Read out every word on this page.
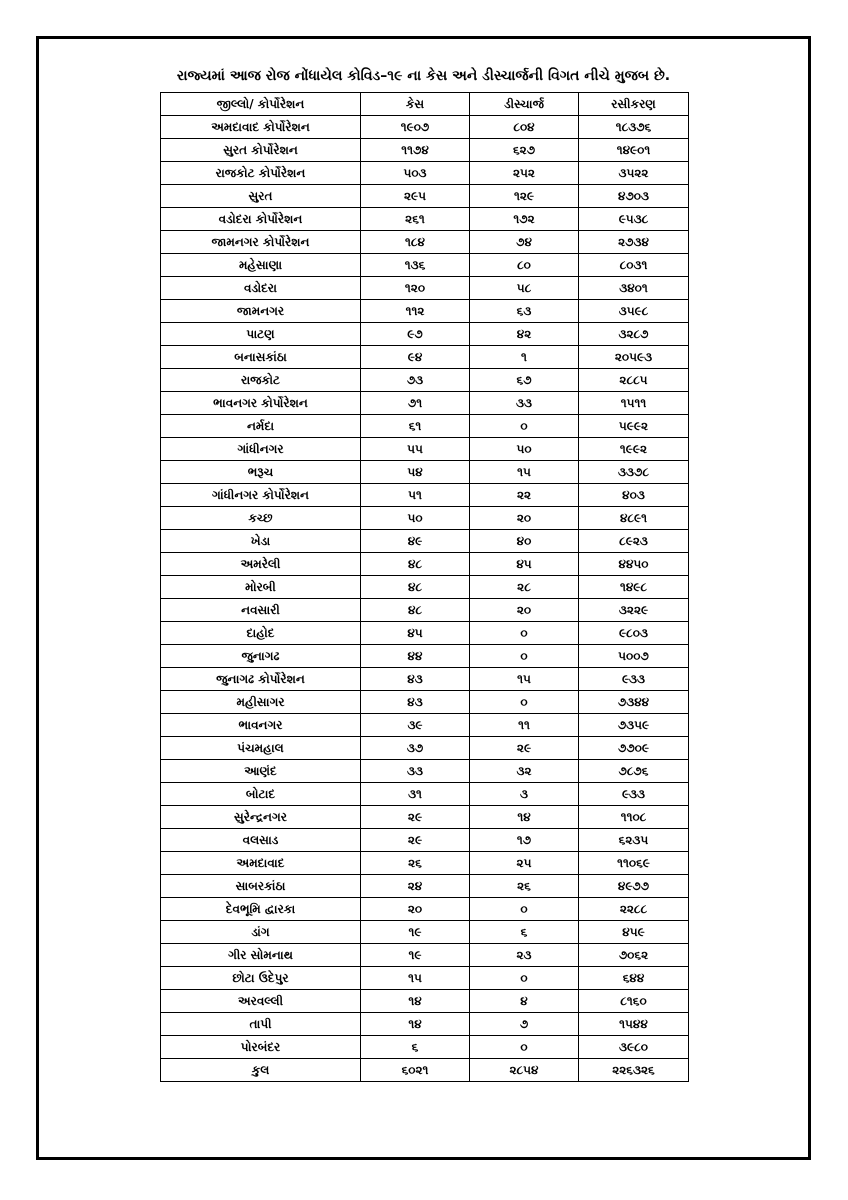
રાજ્યમાં આજ રોજ નોંધાયેલ કોવિડ–૧૯ ના કેસ અને ડીસ્ચાર્જની વિગત નીચે મુજબ છે.
જીલ્લો/ કોર્પોરેશન	કેસ	ડીસ્ચાર્જ	રસીકરણ
અમદાવાદ કોર્પોરેશન	૧૯૦૭	૮૦૪	૧૮૩૭૬
સુરત કોર્પોરેશન	૧૧૭૪	૬૨૭	૧૪૯૦૧
રાજકોટ કોર્પોરેશન	૫૦૩	૨૫૨	૩૫૨૨
સુરત	૨૯૫	૧૨૯	૪૭૦૩
વડોદરા કોર્પોરેશન	૨૬૧	૧૭૨	૯૫૩૮
જામનગર કોર્પોરેશન	૧૮૪	૭૪	૨૭૩૪
મહેસાણા	૧૩૬	૮૦	૮૦૩૧
વડોદરા	૧૨૦	૫૮	૩૪૦૧
જામનગર	૧૧૨	૬૩	૩૫૯૮
પાટણ	૯૭	૪૨	૩૨૮૭
બનાસકાંઠા	૯૪	૧	૨૦૫૯૩
રાજકોટ	૭૩	૬૭	૨૮૮૫
ભાવનગર કોર્પોરેશન	૭૧	૩૩	૧૫૧૧
નર્મદા	૬૧	૦	૫૯૯૨
ગાંધીનગર	૫૫	૫૦	૧૯૯૨
ભરૂચ	૫૪	૧૫	૩૩૭૮
ગાંધીનગર કોર્પોરેશન	૫૧	૨૨	૪૦૩
કચ્છ	૫૦	૨૦	૪૮૯૧
ખેડા	૪૯	૪૦	૮૯૨૩
અમરેલી	૪૮	૪૫	૪૪૫૦
મોરબી	૪૮	૨૮	૧૪૯૮
નવસારી	૪૮	૨૦	૩૨૨૯
દાહોદ	૪૫	૦	૯૮૦૩
જુનાગઢ	૪૪	૦	૫૦૦૭
જુનાગઢ કોર્પોરેશન	૪૩	૧૫	૯૩૩
મહીસાગર	૪૩	૦	૭૩૪૪
ભાવનગર	૩૯	૧૧	૭૩૫૯
પંચમહાલ	૩૭	૨૯	૭૭૦૯
આણંદ	૩૩	૩૨	૭૮૭૬
બોટાદ	૩૧	૩	૯૩૩
સુરેન્દ્રનગર	૨૯	૧૪	૧૧૦૮
વલસાડ	૨૯	૧૭	૬૨૩૫
અમદાવાદ	૨૬	૨૫	૧૧૦૬૯
સાબરકાંઠા	૨૪	૨૬	૪૯૭૭
દેવભૂમિ દ્વારકા	૨૦	૦	૨૨૮૮
ડાંગ	૧૯	૬	૪૫૯
ગીર સોમનાથ	૧૯	૨૩	૭૦૬૨
છોટા ઉદેપુર	૧૫	૦	૬૪૪
અરવલ્લી	૧૪	૪	૮૧૬૦
તાપી	૧૪	૭	૧૫૪૪
પોરબંદર	૬	૦	૩૯૮૦
કુલ	૬૦૨૧	૨૮૫૪	૨૨૬૩૨૬
